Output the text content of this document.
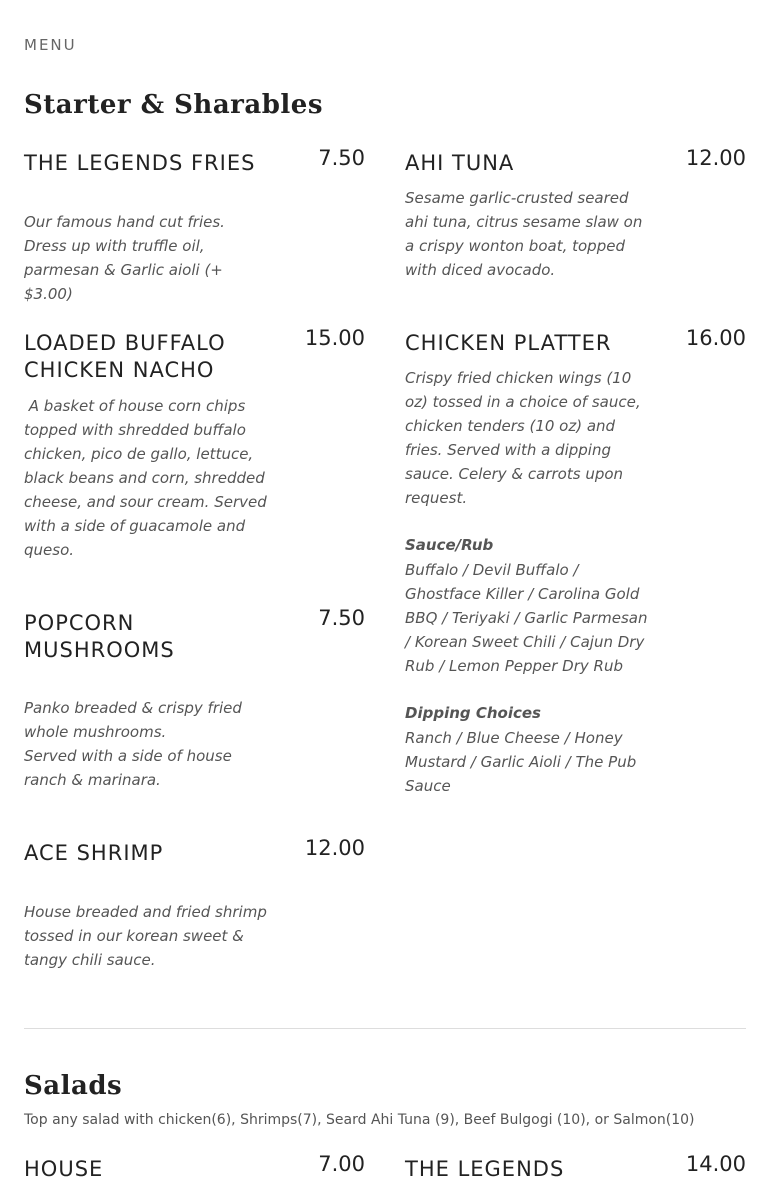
MENU
Starter & Sharables
THE LEGENDS FRIES	7.50
Our famous hand cut fries.
Dress up with truffle oil, parmesan & Garlic aioli (+ $3.00)
AHI TUNA	12.00
Sesame garlic-crusted seared ahi tuna, citrus sesame slaw on a crispy wonton boat, topped with diced avocado.
LOADED BUFFALO CHICKEN NACHO
15.00
A basket of house corn chips topped with shredded buffalo chicken, pico de gallo, lettuce, black beans and corn, shredded cheese, and sour cream. Served with a side of guacamole and queso.
CHICKEN PLATTER	16.00
Crispy fried chicken wings (10 oz) tossed in a choice of sauce, chicken tenders (10 oz) and fries. Served with a dipping sauce. Celery & carrots upon request.
Sauce/Rub
Buffalo / Devil Buffalo / Ghostface Killer / Carolina Gold BBQ / Teriyaki / Garlic Parmesan / Korean Sweet Chili / Cajun Dry Rub / Lemon Pepper Dry Rub
Dipping Choices
Ranch / Blue Cheese / Honey Mustard / Garlic Aioli / The Pub Sauce
POPCORN MUSHROOMS
7.50
Panko breaded & crispy fried whole mushrooms.
Served with a side of house ranch & marinara.
ACE SHRIMP	12.00
House breaded and fried shrimp tossed in our korean sweet & tangy chili sauce.
Salads
Top any salad with chicken(6), Shrimps(7), Seard Ahi Tuna (9), Beef Bulgogi (10), or Salmon(10)
HOUSE	7.00 THE LEGENDS	14.00
